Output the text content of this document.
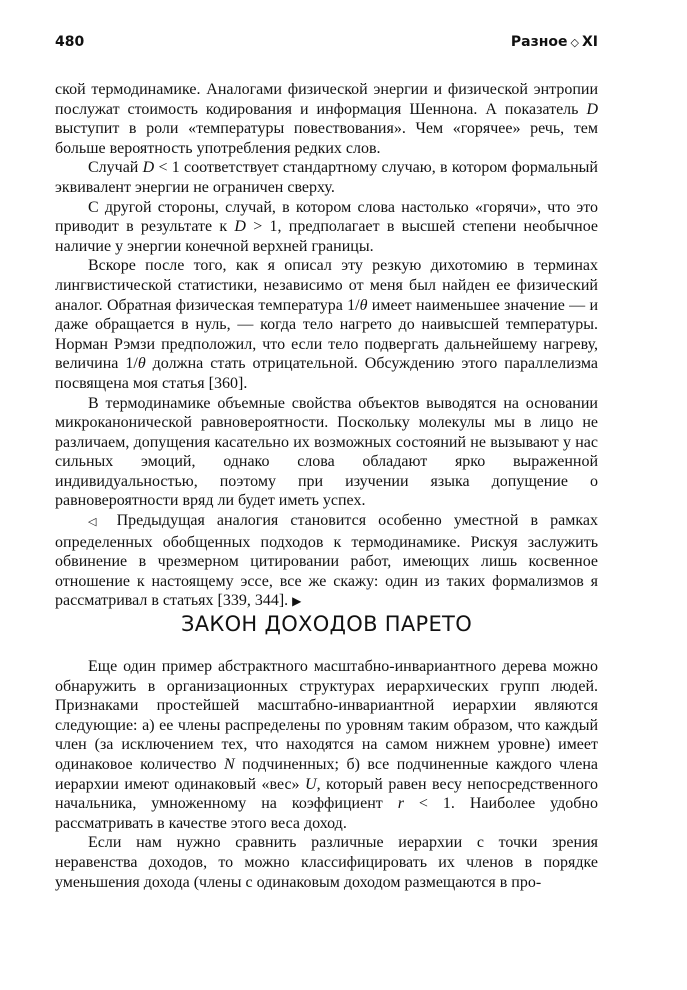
480	Разное ◇ XI

ской термодинамике. Аналогами физической энергии и физической энтропии послужат стоимость кодирования и информация Шеннона. А показатель D выступит в роли «температуры повествования». Чем «горячее» речь, тем больше вероятность употребления редких слов.

Случай D < 1 соответствует стандартному случаю, в котором формальный эквивалент энергии не ограничен сверху.

С другой стороны, случай, в котором слова настолько «горячи», что это приводит в результате к D > 1, предполагает в высшей степени необычное наличие у энергии конечной верхней границы.

Вскоре после того, как я описал эту резкую дихотомию в терминах лингвистической статистики, независимо от меня был найден ее физический аналог. Обратная физическая температура 1/θ имеет наименьшее значение — и даже обращается в нуль, — когда тело нагрето до наивысшей температуры. Норман Рэмзи предположил, что если тело подвергать дальнейшему нагреву, величина 1/θ должна стать отрицательной. Обсуждению этого параллелизма посвящена моя статья [360].

В термодинамике объемные свойства объектов выводятся на основании микроканонической равновероятности. Поскольку молекулы мы в лицо не различаем, допущения касательно их возможных состояний не вызывают у нас сильных эмоций, однако слова обладают ярко выраженной индивидуальностью, поэтому при изучении языка допущение о равновероятности вряд ли будет иметь успех.

◁ Предыдущая аналогия становится особенно уместной в рамках определенных обобщенных подходов к термодинамике. Рискуя заслужить обвинение в чрезмерном цитировании работ, имеющих лишь косвенное отношение к настоящему эссе, все же скажу: один из таких формализмов я рассматривал в статьях [339, 344]. ▶

ЗАКОН ДОХОДОВ ПАРЕТО

Еще один пример абстрактного масштабно-инвариантного дерева можно обнаружить в организационных структурах иерархических групп людей. Признаками простейшей масштабно-инвариантной иерархии являются следующие: а) ее члены распределены по уровням таким образом, что каждый член (за исключением тех, что находятся на самом нижнем уровне) имеет одинаковое количество N подчиненных; б) все подчиненные каждого члена иерархии имеют одинаковый «вес» U, который равен весу непосредственного начальника, умноженному на коэффициент r < 1. Наиболее удобно рассматривать в качестве этого веса доход.

Если нам нужно сравнить различные иерархии с точки зрения неравенства доходов, то можно классифицировать их членов в порядке уменьшения дохода (члены с одинаковым доходом размещаются в про-
